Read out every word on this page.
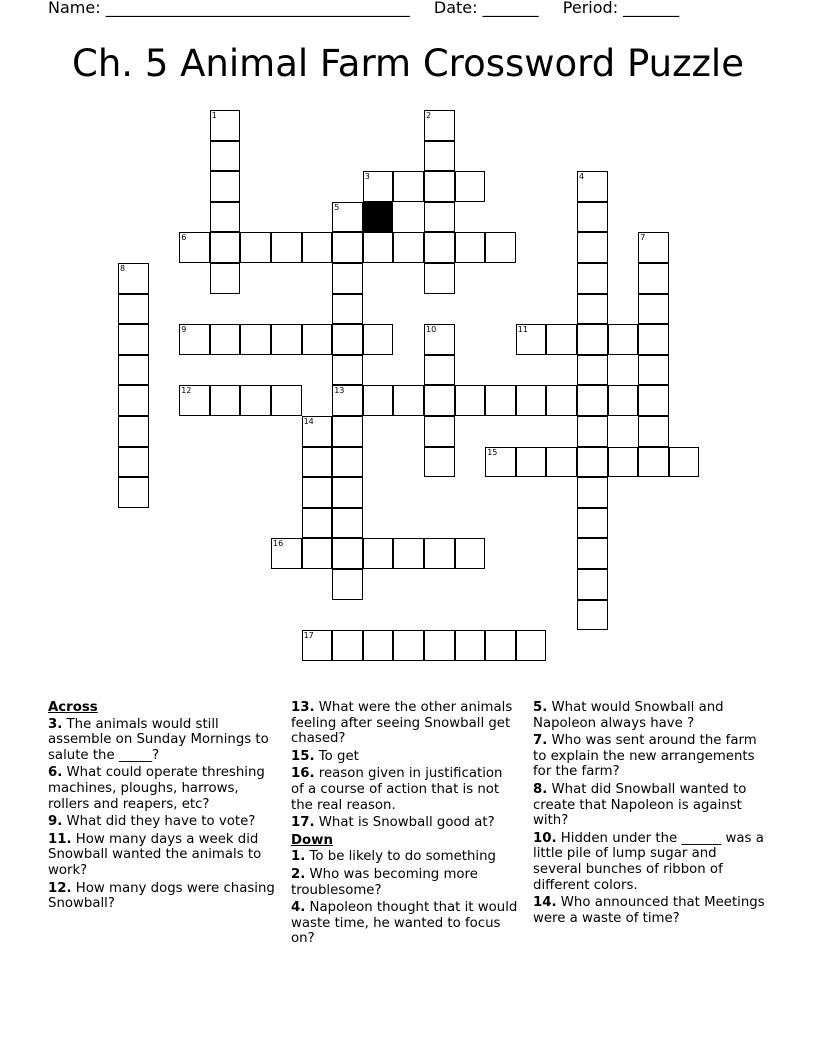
Name: ______________________________________ Date: _______ Period: _______
Ch. 5 Animal Farm Crossword Puzzle
3
6
9	11
12	13
15
16
17
1	2
4
5
7
8
10
14
Across
3. The animals would still assemble on Sunday Mornings to salute the _____?
6. What could operate threshing machines, ploughs, harrows, rollers and reapers, etc?
9. What did they have to vote?
11. How many days a week did Snowball wanted the animals to work?
12. How many dogs were chasing Snowball?
13. What were the other animals feeling after seeing Snowball get chased?
15. To get
16. reason given in justification of a course of action that is not the real reason.
17. What is Snowball good at?
Down
1. To be likely to do something
2. Who was becoming more troublesome?
4. Napoleon thought that it would waste time, he wanted to focus on?
5. What would Snowball and Napoleon always have ?
7. Who was sent around the farm to explain the new arrangements for the farm?
8. What did Snowball wanted to create that Napoleon is against with?
10. Hidden under the ______ was a little pile of lump sugar and several bunches of ribbon of different colors.
14. Who announced that Meetings were a waste of time?
